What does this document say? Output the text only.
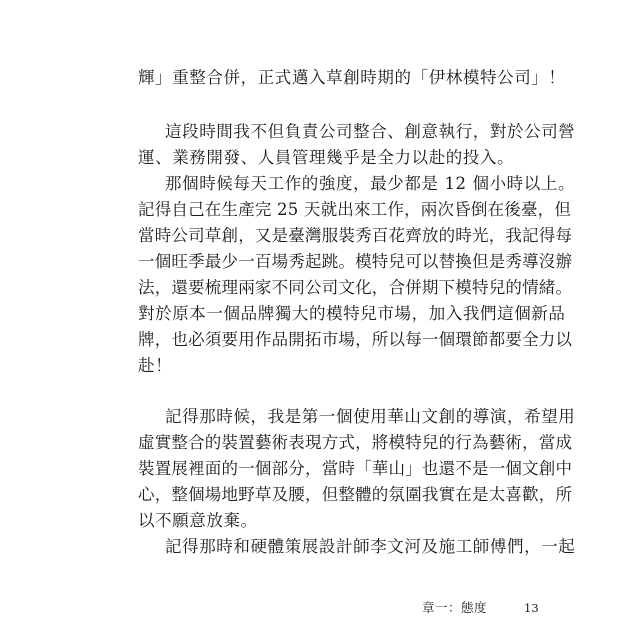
輝」重整合併，正式邁入草創時期的「伊林模特公司」！
這段時間我不但負責公司整合、創意執行，對於公司營
運、業務開發、人員管理幾乎是全力以赴的投入。
那個時候每天工作的強度，最少都是 12 個小時以上。
記得自己在生產完 25 天就出來工作，兩次昏倒在後臺，但
當時公司草創，又是臺灣服裝秀百花齊放的時光，我記得每
一個旺季最少一百場秀起跳。模特兒可以替換但是秀導沒辦
法，還要梳理兩家不同公司文化，合併期下模特兒的情緒。
對於原本一個品牌獨大的模特兒市場，加入我們這個新品
牌，也必須要用作品開拓市場，所以每一個環節都要全力以
赴！
記得那時候，我是第一個使用華山文創的導演，希望用
虛實整合的裝置藝術表現方式，將模特兒的行為藝術，當成
裝置展裡面的一個部分，當時「華山」也還不是一個文創中
心，整個場地野草及腰，但整體的氛圍我實在是太喜歡，所
以不願意放棄。
記得那時和硬體策展設計師李文河及施工師傅們，一起
章一：態度	13
